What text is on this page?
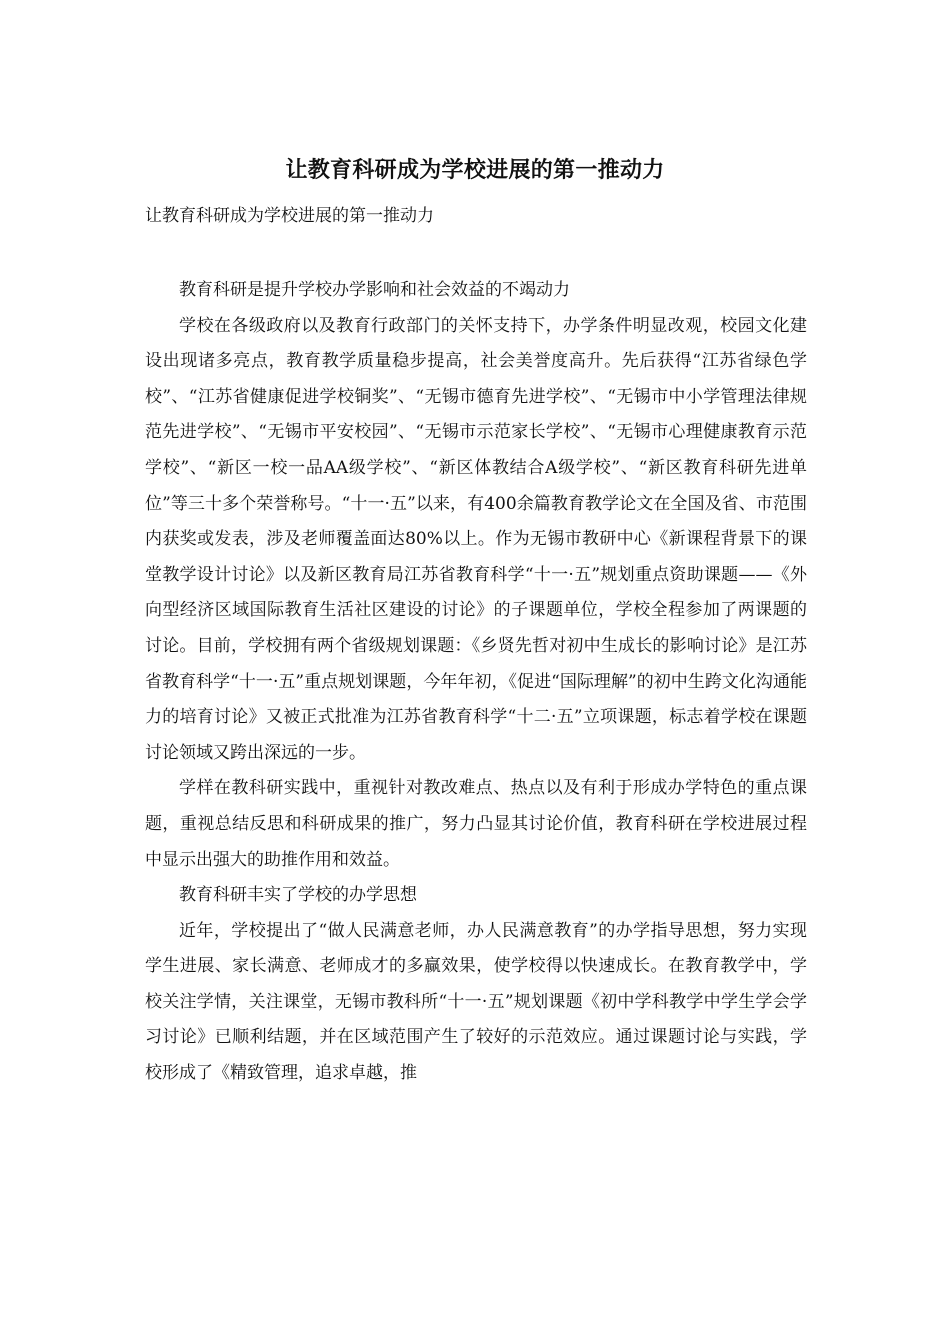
让教育科研成为学校进展的第一推动力
让教育科研成为学校进展的第一推动力

教育科研是提升学校办学影响和社会效益的不竭动力

学校在各级政府以及教育行政部门的关怀支持下，办学条件明显改观，校园文化建设出现诸多亮点，教育教学质量稳步提高，社会美誉度高升。先后获得“江苏省绿色学校”、“江苏省健康促进学校铜奖”、“无锡市德育先进学校”、“无锡市中小学管理法律规范先进学校”、“无锡市平安校园”、“无锡市示范家长学校”、“无锡市心理健康教育示范学校”、“新区一校一品AA级学校”、“新区体教结合A级学校”、“新区教育科研先进单位”等三十多个荣誉称号。“十一·五”以来，有400余篇教育教学论文在全国及省、市范围内获奖或发表，涉及老师覆盖面达80%以上。作为无锡市教研中心《新课程背景下的课堂教学设计讨论》以及新区教育局江苏省教育科学“十一·五”规划重点资助课题——《外向型经济区域国际教育生活社区建设的讨论》的子课题单位，学校全程参加了两课题的讨论。目前，学校拥有两个省级规划课题：《乡贤先哲对初中生成长的影响讨论》是江苏省教育科学“十一·五”重点规划课题，今年年初，《促进“国际理解”的初中生跨文化沟通能力的培育讨论》又被正式批准为江苏省教育科学“十二·五”立项课题，标志着学校在课题讨论领域又跨出深远的一步。

学样在教科研实践中，重视针对教改难点、热点以及有利于形成办学特色的重点课题，重视总结反思和科研成果的推广，努力凸显其讨论价值，教育科研在学校进展过程中显示出强大的助推作用和效益。

教育科研丰实了学校的办学思想

近年，学校提出了“做人民满意老师，办人民满意教育”的办学指导思想，努力实现学生进展、家长满意、老师成才的多赢效果，使学校得以快速成长。在教育教学中，学校关注学情，关注课堂，无锡市教科所“十一·五”规划课题《初中学科教学中学生学会学习讨论》已顺利结题，并在区域范围产生了较好的示范效应。通过课题讨论与实践，学校形成了《精致管理，追求卓越，推
